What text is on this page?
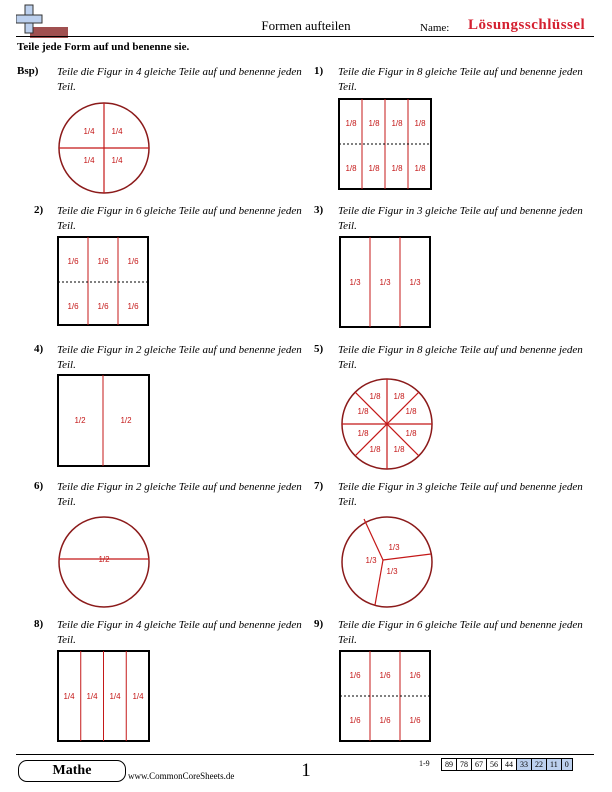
Formen aufteilen	Name: Lösungsschlüssel
Teile jede Form auf und benenne sie.
Bsp) Teile die Figur in 4 gleiche Teile auf und benenne jeden Teil.
1/4 1/4
1/4 1/4
1) Teile die Figur in 8 gleiche Teile auf und benenne jeden Teil.
1/8 1/8 1/8 1/8
1/8 1/8 1/8 1/8
2) Teile die Figur in 6 gleiche Teile auf und benenne jeden Teil.
1/6 1/6 1/6
1/6 1/6 1/6
3) Teile die Figur in 3 gleiche Teile auf und benenne jeden Teil.
1/3 1/3 1/3
4) Teile die Figur in 2 gleiche Teile auf und benenne jeden Teil.
1/2	1/2
5) Teile die Figur in 8 gleiche Teile auf und benenne jeden Teil.
1/8 1/8
1/8
1/8
1/8
1/8
1/8
1/8
6) Teile die Figur in 2 gleiche Teile auf und benenne jeden Teil.
1/2
7) Teile die Figur in 3 gleiche Teile auf und benenne jeden Teil.
1/3
1/3
1/3
8) Teile die Figur in 4 gleiche Teile auf und benenne jeden Teil.
1/4 1/4 1/4 1/4
9) Teile die Figur in 6 gleiche Teile auf und benenne jeden Teil.
1/6 1/6 1/6
1/6 1/6 1/6
Mathe	www.CommonCoreSheets.de	1	1-9 89	78	67	56	44	33	22	11	0
